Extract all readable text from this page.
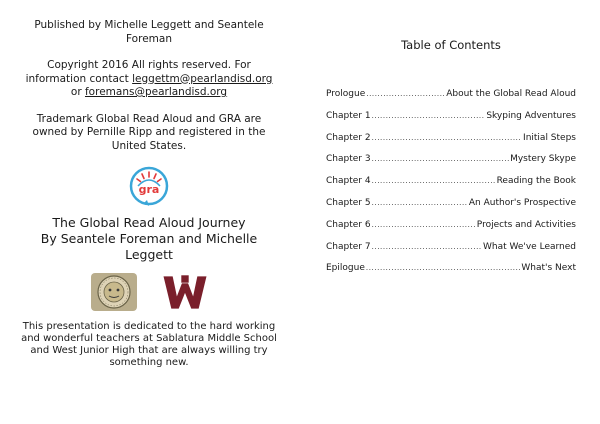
Published by Michelle Leggett and Seantele Foreman

Copyright 2016 All rights reserved. For information contact leggettm@pearlandisd.org or foremans@pearlandisd.org

Trademark Global Read Aloud and GRA are owned by Pernille Ripp and registered in the United States.

gra

The Global Read Aloud Journey
By Seantele Foreman and Michelle Leggett

This presentation is dedicated to the hard working and wonderful teachers at Sablatura Middle School and West Junior High that are always willing try something new.

Table of Contents
Prologue .....	About the Global Read Aloud
Chapter 1 .....	Skyping Adventures
Chapter 2 .....	Initial Steps
Chapter 3 .....	Mystery Skype
Chapter 4 .....	Reading the Book
Chapter 5 .....	An Author's Prospective
Chapter 6 .....	Projects and Activities
Chapter 7 .....	What We've Learned
Epilogue .....	What's Next
